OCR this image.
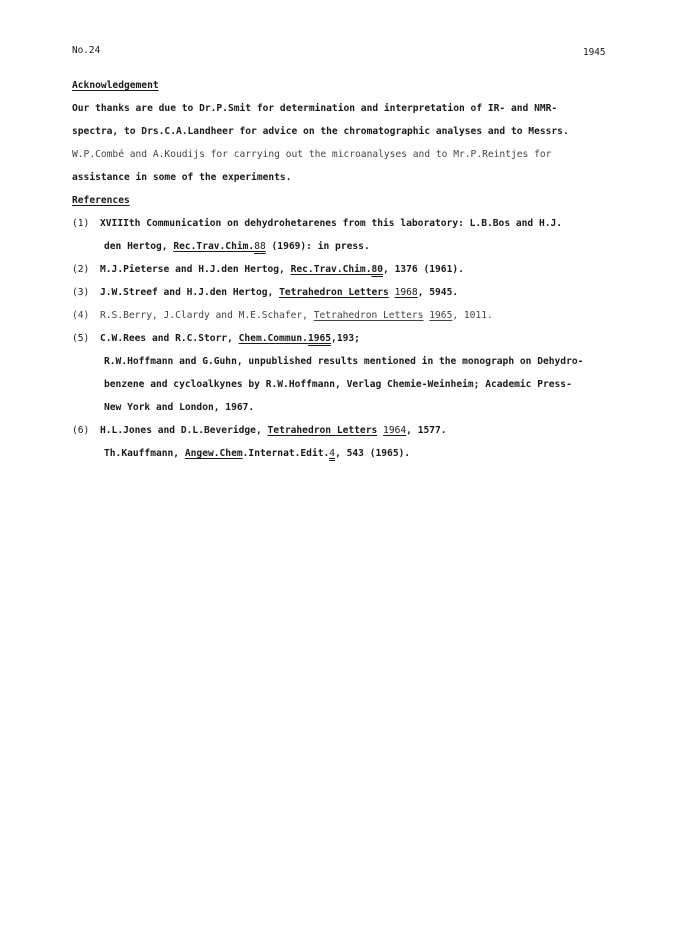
No.24	1945
Acknowledgement
Our thanks are due to Dr.P.Smit for determination and interpretation of IR- and NMR-
spectra, to Drs.C.A.Landheer for advice on the chromatographic analyses and to Messrs.
W.P.Combé and A.Koudijs for carrying out the microanalyses and to Mr.P.Reintjes for
assistance in some of the experiments.
References
(1) XVIIIth Communication on dehydrohetarenes from this laboratory: L.B.Bos and H.J.
den Hertog, Rec.Trav.Chim.88 (1969): in press.
(2) M.J.Pieterse and H.J.den Hertog, Rec.Trav.Chim.80, 1376 (1961).
(3) J.W.Streef and H.J.den Hertog, Tetrahedron Letters 1968, 5945.
(4) R.S.Berry, J.Clardy and M.E.Schafer, Tetrahedron Letters 1965, 1011.
(5) C.W.Rees and R.C.Storr, Chem.Commun.1965,193;
R.W.Hoffmann and G.Guhn, unpublished results mentioned in the monograph on Dehydro-
benzene and cycloalkynes by R.W.Hoffmann, Verlag Chemie-Weinheim; Academic Press-
New York and London, 1967.
(6) H.L.Jones and D.L.Beveridge, Tetrahedron Letters 1964, 1577.
Th.Kauffmann, Angew.Chem.Internat.Edit.4, 543 (1965).
